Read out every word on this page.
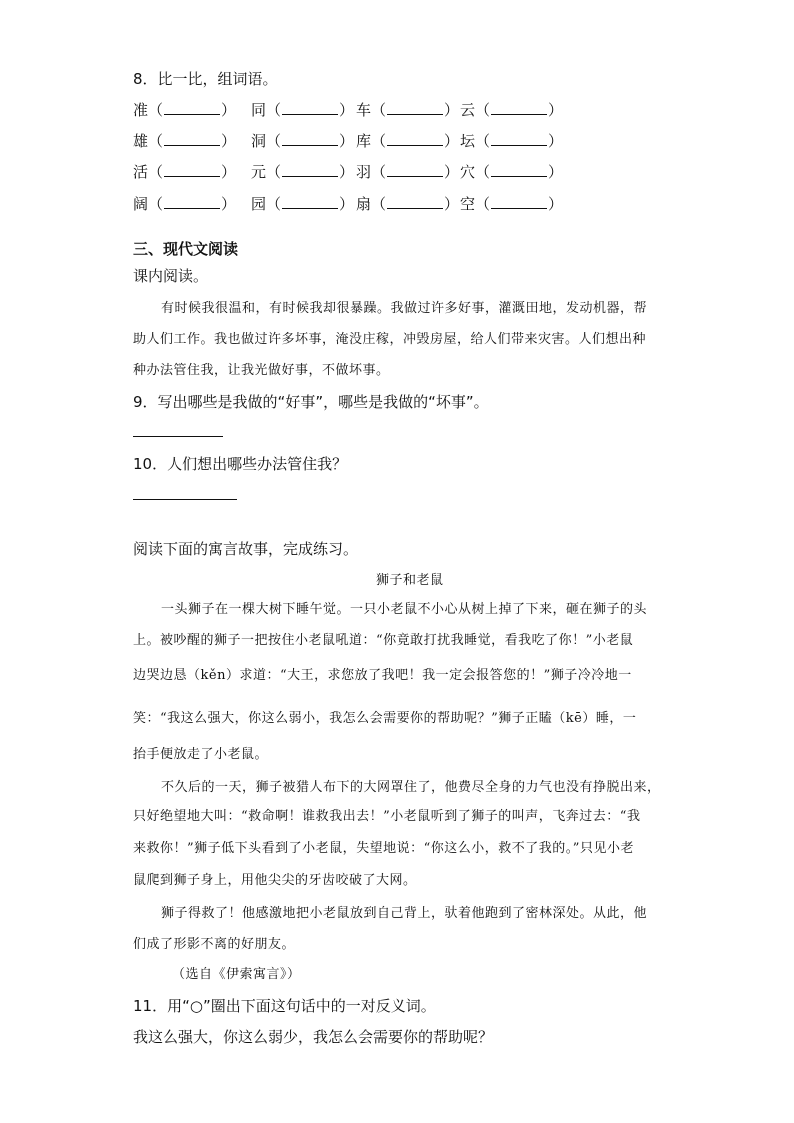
8．比一比，组词语。
准（	） 同（	） 车（	） 云（	）
雄（	） 洞（	） 库（	） 坛（	）
活（	） 元（	） 羽（	） 穴（	）
阔（	） 园（	） 扇（	） 空（	）
三、现代文阅读
课内阅读。
有时候我很温和，有时候我却很暴躁。我做过许多好事，灌溉田地，发动机器，帮
助人们工作。我也做过许多坏事，淹没庄稼，冲毁房屋，给人们带来灾害。人们想出种
种办法管住我，让我光做好事，不做坏事。
9．写出哪些是我做的“好事”，哪些是我做的“坏事”。
10．人们想出哪些办法管住我？
阅读下面的寓言故事，完成练习。
狮子和老鼠
一头狮子在一棵大树下睡午觉。一只小老鼠不小心从树上掉了下来，砸在狮子的头
上。被吵醒的狮子一把按住小老鼠吼道：“你竟敢打扰我睡觉，看我吃了你！”小老鼠
边哭边恳（kěn）求道：“大王，求您放了我吧！我一定会报答您的！”狮子冷冷地一
笑：“我这么强大，你这么弱小，我怎么会需要你的帮助呢？”狮子正瞌（kē）睡，一
抬手便放走了小老鼠。
不久后的一天，狮子被猎人布下的大网罩住了，他费尽全身的力气也没有挣脱出来，
只好绝望地大叫：“救命啊！谁救我出去！”小老鼠听到了狮子的叫声，飞奔过去：“我
来救你！”狮子低下头看到了小老鼠，失望地说：“你这么小，救不了我的。”只见小老
鼠爬到狮子身上，用他尖尖的牙齿咬破了大网。
狮子得救了！他感激地把小老鼠放到自己背上，驮着他跑到了密林深处。从此，他
们成了形影不离的好朋友。
（选自《伊索寓言》）
11．用“○”圈出下面这句话中的一对反义词。
我这么强大，你这么弱少，我怎么会需要你的帮助呢？
